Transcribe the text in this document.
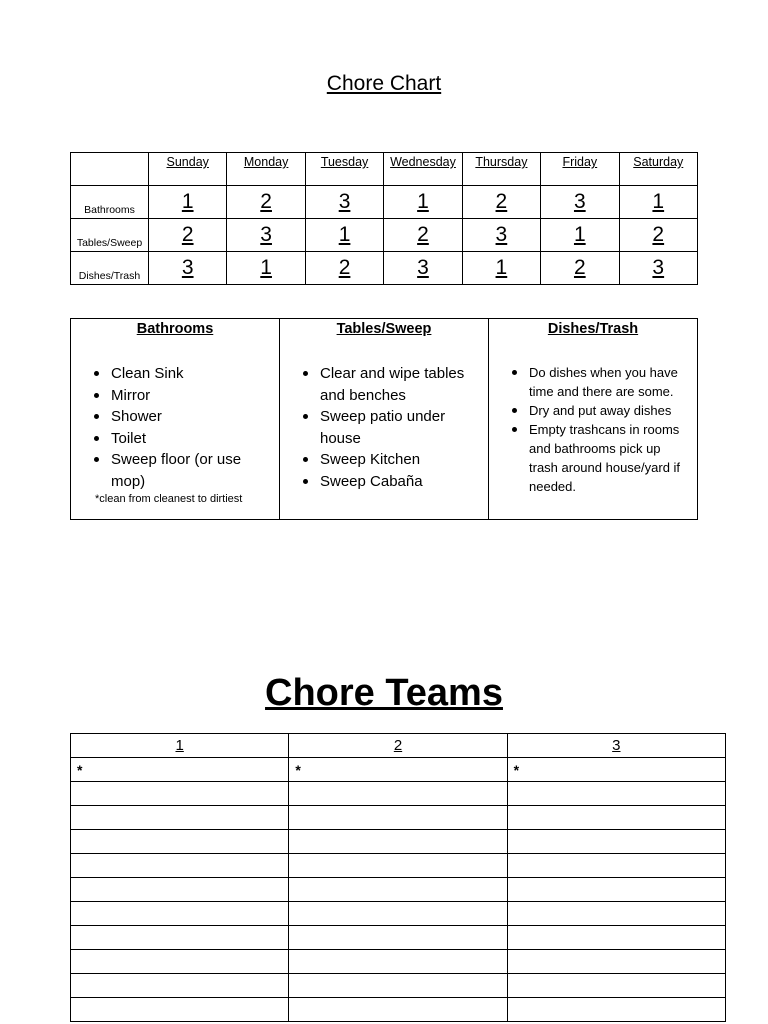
Chore Chart
	Sunday	Monday	Tuesday	Wednesday	Thursday	Friday	Saturday
Bathrooms	1	2	3	1	2	3	1
Tables/Sweep	2	3	1	2	3	1	2
Dishes/Trash	3	1	2	3	1	2	3
Bathrooms
Clean Sink
Mirror
Shower
Toilet
Sweep floor (or use mop)
*clean from cleanest to dirtiest

Tables/Sweep
Clear and wipe tables and benches
Sweep patio under house
Sweep Kitchen
Sweep Cabaña

Dishes/Trash
Do dishes when you have time and there are some.
Dry and put away dishes
Empty trashcans in rooms and bathrooms pick up trash around house/yard if needed.
Chore Teams
1	2	3
*	*	*
